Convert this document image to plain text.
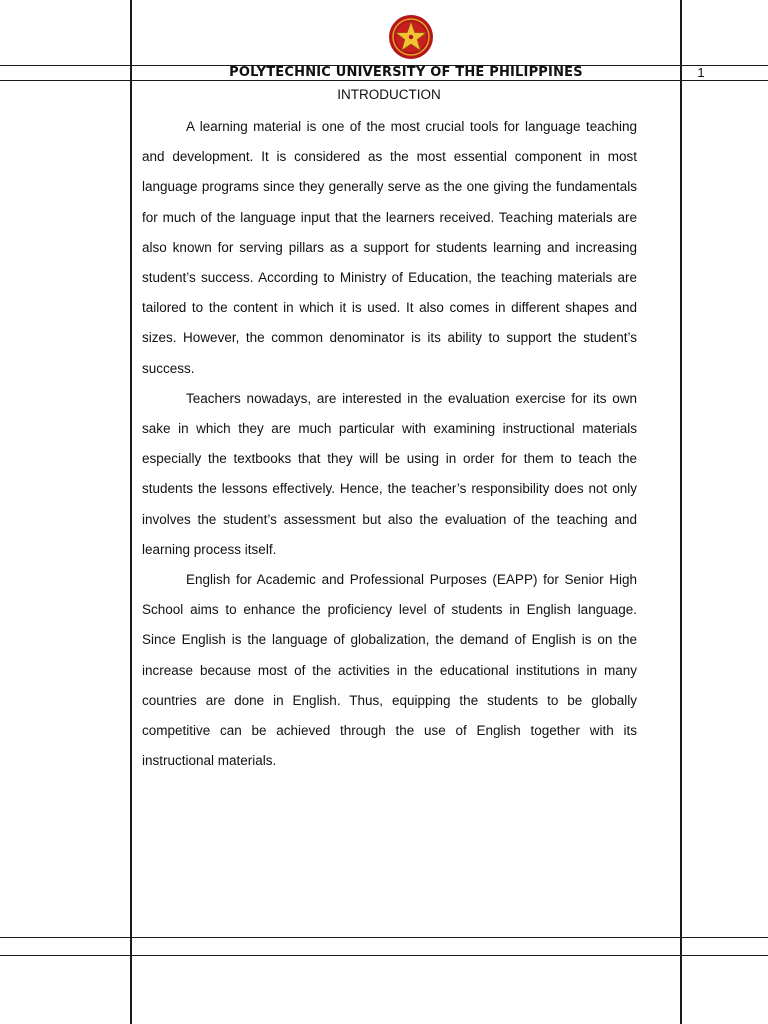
POLYTECHNIC UNIVERSITY OF THE PHILIPPINES	1
INTRODUCTION

A learning material is one of the most crucial tools for language teaching and development. It is considered as the most essential component in most language programs since they generally serve as the one giving the fundamentals for much of the language input that the learners received. Teaching materials are also known for serving pillars as a support for students learning and increasing student’s success. According to Ministry of Education, the teaching materials are tailored to the content in which it is used. It also comes in different shapes and sizes. However, the common denominator is its ability to support the student’s success.

Teachers nowadays, are interested in the evaluation exercise for its own sake in which they are much particular with examining instructional materials especially the textbooks that they will be using in order for them to teach the students the lessons effectively. Hence, the teacher’s responsibility does not only involves the student’s assessment but also the evaluation of the teaching and learning process itself.

English for Academic and Professional Purposes (EAPP) for Senior High School aims to enhance the proficiency level of students in English language. Since English is the language of globalization, the demand of English is on the increase because most of the activities in the educational institutions in many countries are done in English. Thus, equipping the students to be globally competitive can be achieved through the use of English together with its instructional materials.
